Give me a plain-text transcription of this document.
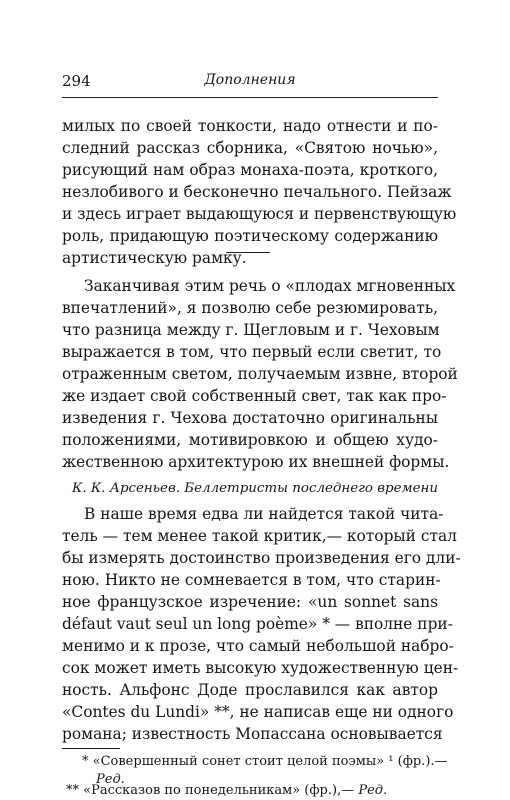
294	Дополнения
милых по своей тонкости, надо отнести и по-
следний рассказ сборника, «Святою ночью»,
рисующий нам образ монаха-поэта, кроткого,
незлобивого и бесконечно печального. Пейзаж
и здесь играет выдающуюся и первенствующую
роль, придающую поэтическому содержанию
артистическую рамку.
Заканчивая этим речь о «плодах мгновенных
впечатлений», я позволю себе резюмировать,
что разница между г. Щегловым и г. Чеховым
выражается в том, что первый если светит, то
отраженным светом, получаемым извне, второй
же издает свой собственный свет, так как про-
изведения г. Чехова достаточно оригинальны
положениями, мотивировкою и общею худо-
жественною архитектурою их внешней формы.
К. К. Арсеньев. Беллетристы последнего времени
В наше время едва ли найдется такой чита-
тель — тем менее такой критик,— который стал
бы измерять достоинство произведения его дли-
ною. Никто не сомневается в том, что старин-
ное французское изречение: «un sonnet sans
défaut vaut seul un long poème» * — вполне при-
менимо и к прозе, что самый небольшой набро-
сок может иметь высокую художественную цен-
ность. Альфонс Доде прославился как автор
«Contes du Lundi» **, не написав еще ни одного
романа; известность Мопассана основывается
* «Совершенный сонет стоит целой поэмы» ¹ (фр.).—
Ред.
** «Рассказов по понедельникам» (фр.),— Ред.
